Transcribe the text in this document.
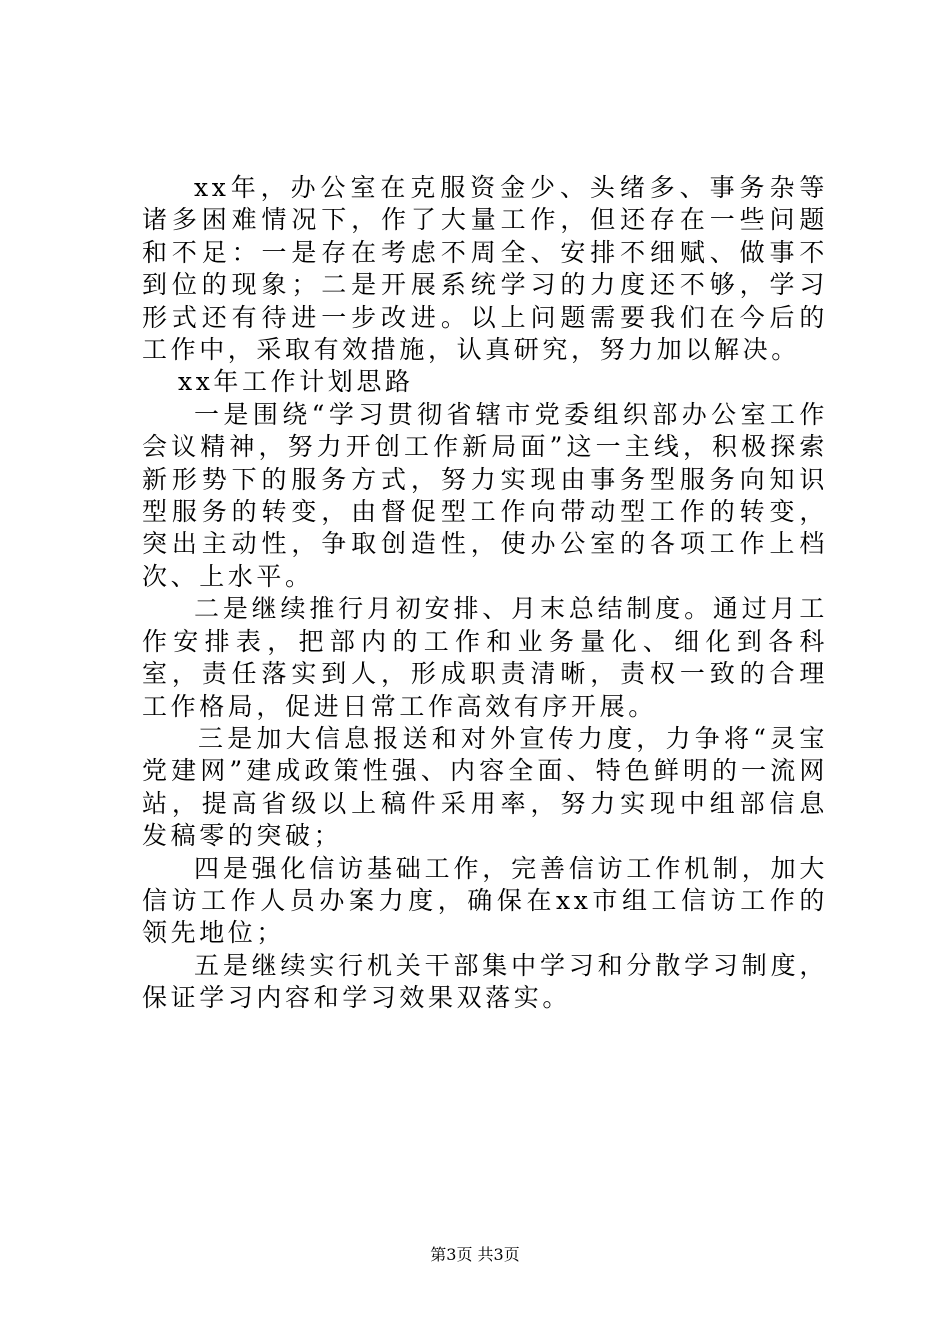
xx年，办公室在克服资金少、头绪多、事务杂等诸多困难情况下，作了大量工作，但还存在一些问题和不足：一是存在考虑不周全、安排不细赋、做事不到位的现象；二是开展系统学习的力度还不够，学习形式还有待进一步改进。以上问题需要我们在今后的工作中，采取有效措施，认真研究，努力加以解决。

xx年工作计划思路

一是围绕“学习贯彻省辖市党委组织部办公室工作会议精神，努力开创工作新局面”这一主线，积极探索新形势下的服务方式，努力实现由事务型服务向知识型服务的转变，由督促型工作向带动型工作的转变，突出主动性，争取创造性，使办公室的各项工作上档次、上水平。

二是继续推行月初安排、月末总结制度。通过月工作安排表，把部内的工作和业务量化、细化到各科室，责任落实到人，形成职责清晰，责权一致的合理工作格局，促进日常工作高效有序开展。

三是加大信息报送和对外宣传力度，力争将“灵宝党建网”建成政策性强、内容全面、特色鲜明的一流网站，提高省级以上稿件采用率，努力实现中组部信息发稿零的突破；

四是强化信访基础工作，完善信访工作机制，加大信访工作人员办案力度，确保在xx市组工信访工作的领先地位；

五是继续实行机关干部集中学习和分散学习制度，保证学习内容和学习效果双落实。

第3页 共3页
